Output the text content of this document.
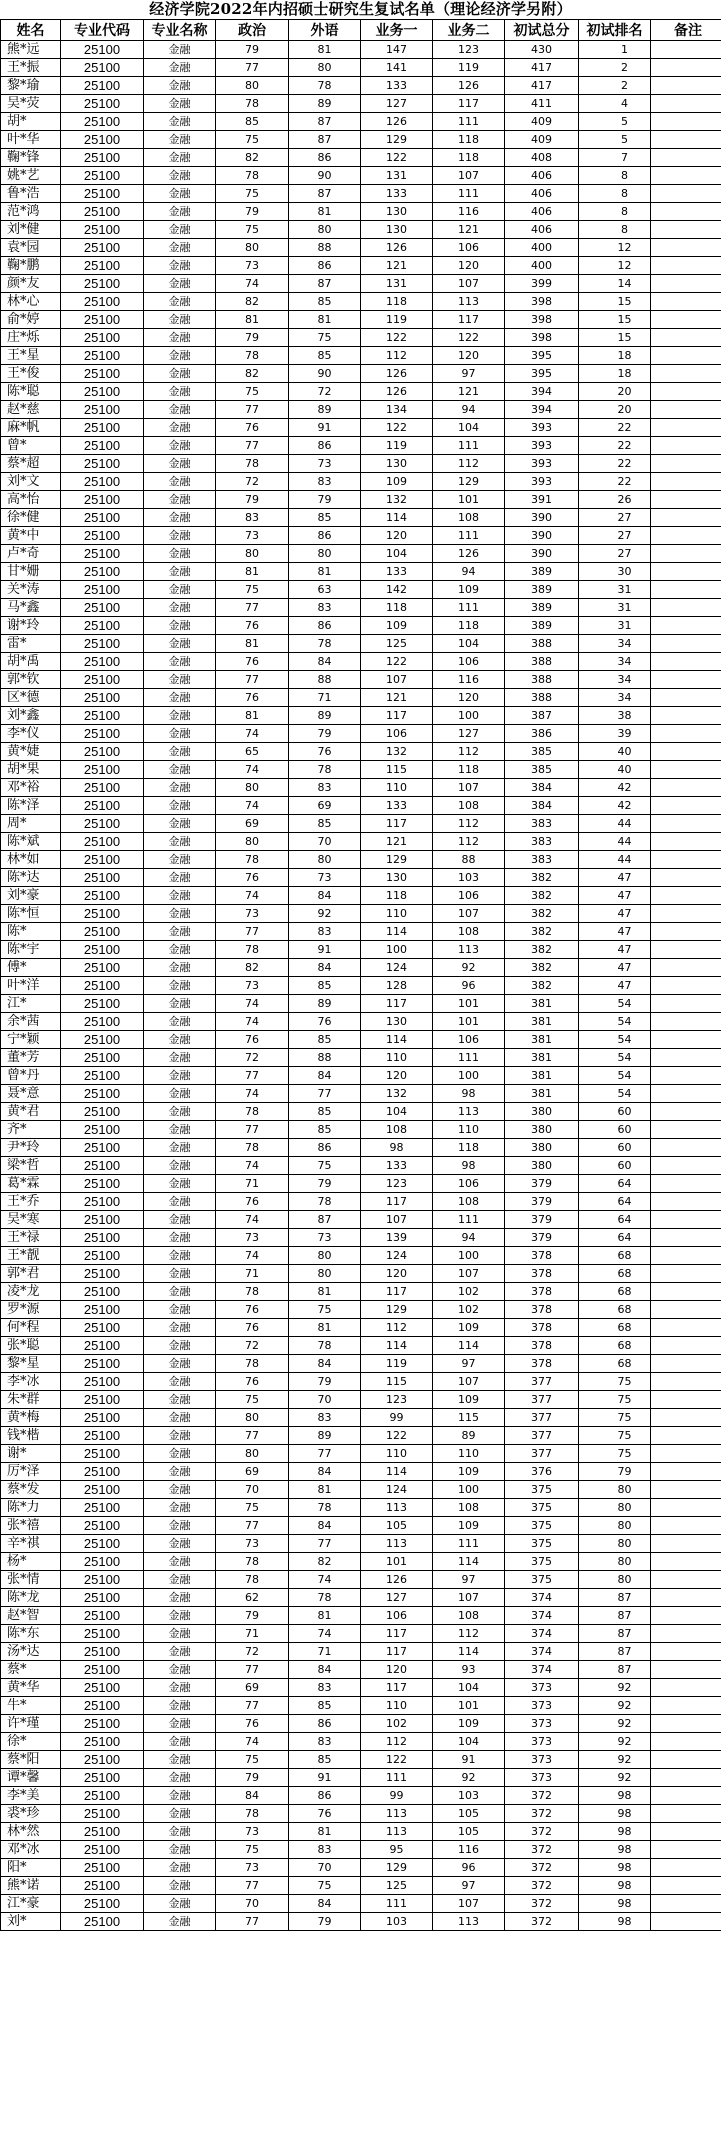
经济学院2022年内招硕士研究生复试名单（理论经济学另附）
姓名	专业代码	专业名称	政治	外语	业务一	业务二	初试总分	初试排名	备注
熊*远	25100	金融	79	81	147	123	430	1	
王*振	25100	金融	77	80	141	119	417	2	
黎*瑜	25100	金融	80	78	133	126	417	2	
吴*荧	25100	金融	78	89	127	117	411	4	
胡*	25100	金融	85	87	126	111	409	5	
叶*华	25100	金融	75	87	129	118	409	5	
鞠*锋	25100	金融	82	86	122	118	408	7	
姚*艺	25100	金融	78	90	131	107	406	8	
鲁*浩	25100	金融	75	87	133	111	406	8	
范*鸿	25100	金融	79	81	130	116	406	8	
刘*健	25100	金融	75	80	130	121	406	8	
袁*园	25100	金融	80	88	126	106	400	12	
鞠*鹏	25100	金融	73	86	121	120	400	12	
颜*友	25100	金融	74	87	131	107	399	14	
林*心	25100	金融	82	85	118	113	398	15	
俞*婷	25100	金融	81	81	119	117	398	15	
庄*烁	25100	金融	79	75	122	122	398	15	
王*星	25100	金融	78	85	112	120	395	18	
王*俊	25100	金融	82	90	126	97	395	18	
陈*聪	25100	金融	75	72	126	121	394	20	
赵*慈	25100	金融	77	89	134	94	394	20	
麻*帆	25100	金融	76	91	122	104	393	22	
曾*	25100	金融	77	86	119	111	393	22	
蔡*超	25100	金融	78	73	130	112	393	22	
刘*文	25100	金融	72	83	109	129	393	22	
高*怡	25100	金融	79	79	132	101	391	26	
徐*健	25100	金融	83	85	114	108	390	27	
黄*中	25100	金融	73	86	120	111	390	27	
卢*奇	25100	金融	80	80	104	126	390	27	
甘*姗	25100	金融	81	81	133	94	389	30	
关*涛	25100	金融	75	63	142	109	389	31	
马*鑫	25100	金融	77	83	118	111	389	31	
谢*玲	25100	金融	76	86	109	118	389	31	
雷*	25100	金融	81	78	125	104	388	34	
胡*禹	25100	金融	76	84	122	106	388	34	
郭*钦	25100	金融	77	88	107	116	388	34	
区*德	25100	金融	76	71	121	120	388	34	
刘*鑫	25100	金融	81	89	117	100	387	38	
李*仪	25100	金融	74	79	106	127	386	39	
黄*婕	25100	金融	65	76	132	112	385	40	
胡*果	25100	金融	74	78	115	118	385	40	
邓*裕	25100	金融	80	83	110	107	384	42	
陈*泽	25100	金融	74	69	133	108	384	42	
周*	25100	金融	69	85	117	112	383	44	
陈*斌	25100	金融	80	70	121	112	383	44	
林*如	25100	金融	78	80	129	88	383	44	
陈*达	25100	金融	76	73	130	103	382	47	
刘*豪	25100	金融	74	84	118	106	382	47	
陈*恒	25100	金融	73	92	110	107	382	47	
陈*	25100	金融	77	83	114	108	382	47	
陈*宇	25100	金融	78	91	100	113	382	47	
傅*	25100	金融	82	84	124	92	382	47	
叶*洋	25100	金融	73	85	128	96	382	47	
江*	25100	金融	74	89	117	101	381	54	
余*茜	25100	金融	74	76	130	101	381	54	
宁*颖	25100	金融	76	85	114	106	381	54	
董*芳	25100	金融	72	88	110	111	381	54	
曾*丹	25100	金融	77	84	120	100	381	54	
聂*意	25100	金融	74	77	132	98	381	54	
黄*君	25100	金融	78	85	104	113	380	60	
齐*	25100	金融	77	85	108	110	380	60	
尹*玲	25100	金融	78	86	98	118	380	60	
梁*哲	25100	金融	74	75	133	98	380	60	
葛*霖	25100	金融	71	79	123	106	379	64	
王*乔	25100	金融	76	78	117	108	379	64	
吴*寒	25100	金融	74	87	107	111	379	64	
王*禄	25100	金融	73	73	139	94	379	64	
王*靓	25100	金融	74	80	124	100	378	68	
郭*君	25100	金融	71	80	120	107	378	68	
凌*龙	25100	金融	78	81	117	102	378	68	
罗*源	25100	金融	76	75	129	102	378	68	
何*程	25100	金融	76	81	112	109	378	68	
张*聪	25100	金融	72	78	114	114	378	68	
黎*星	25100	金融	78	84	119	97	378	68	
李*冰	25100	金融	76	79	115	107	377	75	
朱*群	25100	金融	75	70	123	109	377	75	
黄*梅	25100	金融	80	83	99	115	377	75	
钱*楷	25100	金融	77	89	122	89	377	75	
谢*	25100	金融	80	77	110	110	377	75	
厉*泽	25100	金融	69	84	114	109	376	79	
蔡*发	25100	金融	70	81	124	100	375	80	
陈*力	25100	金融	75	78	113	108	375	80	
张*禧	25100	金融	77	84	105	109	375	80	
辛*祺	25100	金融	73	77	113	111	375	80	
杨*	25100	金融	78	82	101	114	375	80	
张*情	25100	金融	78	74	126	97	375	80	
陈*龙	25100	金融	62	78	127	107	374	87	
赵*智	25100	金融	79	81	106	108	374	87	
陈*东	25100	金融	71	74	117	112	374	87	
汤*达	25100	金融	72	71	117	114	374	87	
蔡*	25100	金融	77	84	120	93	374	87	
黄*华	25100	金融	69	83	117	104	373	92	
牛*	25100	金融	77	85	110	101	373	92	
许*瑾	25100	金融	76	86	102	109	373	92	
徐*	25100	金融	74	83	112	104	373	92	
蔡*阳	25100	金融	75	85	122	91	373	92	
谭*馨	25100	金融	79	91	111	92	373	92	
李*美	25100	金融	84	86	99	103	372	98	
裘*珍	25100	金融	78	76	113	105	372	98	
林*然	25100	金融	73	81	113	105	372	98	
邓*冰	25100	金融	75	83	95	116	372	98	
阳*	25100	金融	73	70	129	96	372	98	
熊*诺	25100	金融	77	75	125	97	372	98	
江*豪	25100	金融	70	84	111	107	372	98	
刘*	25100	金融	77	79	103	113	372	98	
